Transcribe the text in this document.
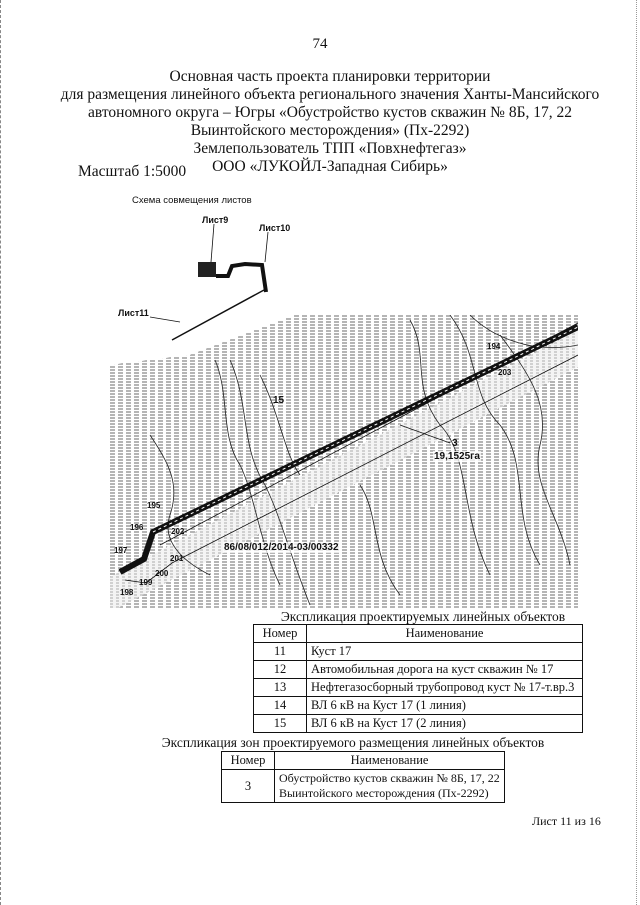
74
Основная часть проекта планировки территории
для размещения линейного объекта регионального значения Ханты-Мансийского
автономного округа – Югры «Обустройство кустов скважин № 8Б, 17, 22
Выинтойского месторождения» (Пх-2292)
Землепользователь ТПП «Повхнефтегаз»
ООО «ЛУКОЙЛ-Западная Сибирь»
Масштаб 1:5000
Схема совмещения листов
Лист9
Лист10
Лист11
194
203
15
3
19,1525га
195
202
196
86/08/012/2014-03/00332
197
201
200
199
198
Экспликация проектируемых линейных объектов
Номер	Наименование
11	Куст 17
12	Автомобильная дорога на куст скважин № 17
13	Нефтегазосборный трубопровод куст № 17-т.вр.3
14	ВЛ 6 кВ на Куст 17 (1 линия)
15	ВЛ 6 кВ на Куст 17 (2 линия)
Экспликация зон проектируемого размещения линейных объектов
Номер	Наименование
3	Обустройство кустов скважин № 8Б, 17, 22
Выинтойского месторождения (Пх-2292)
Лист 11 из 16
